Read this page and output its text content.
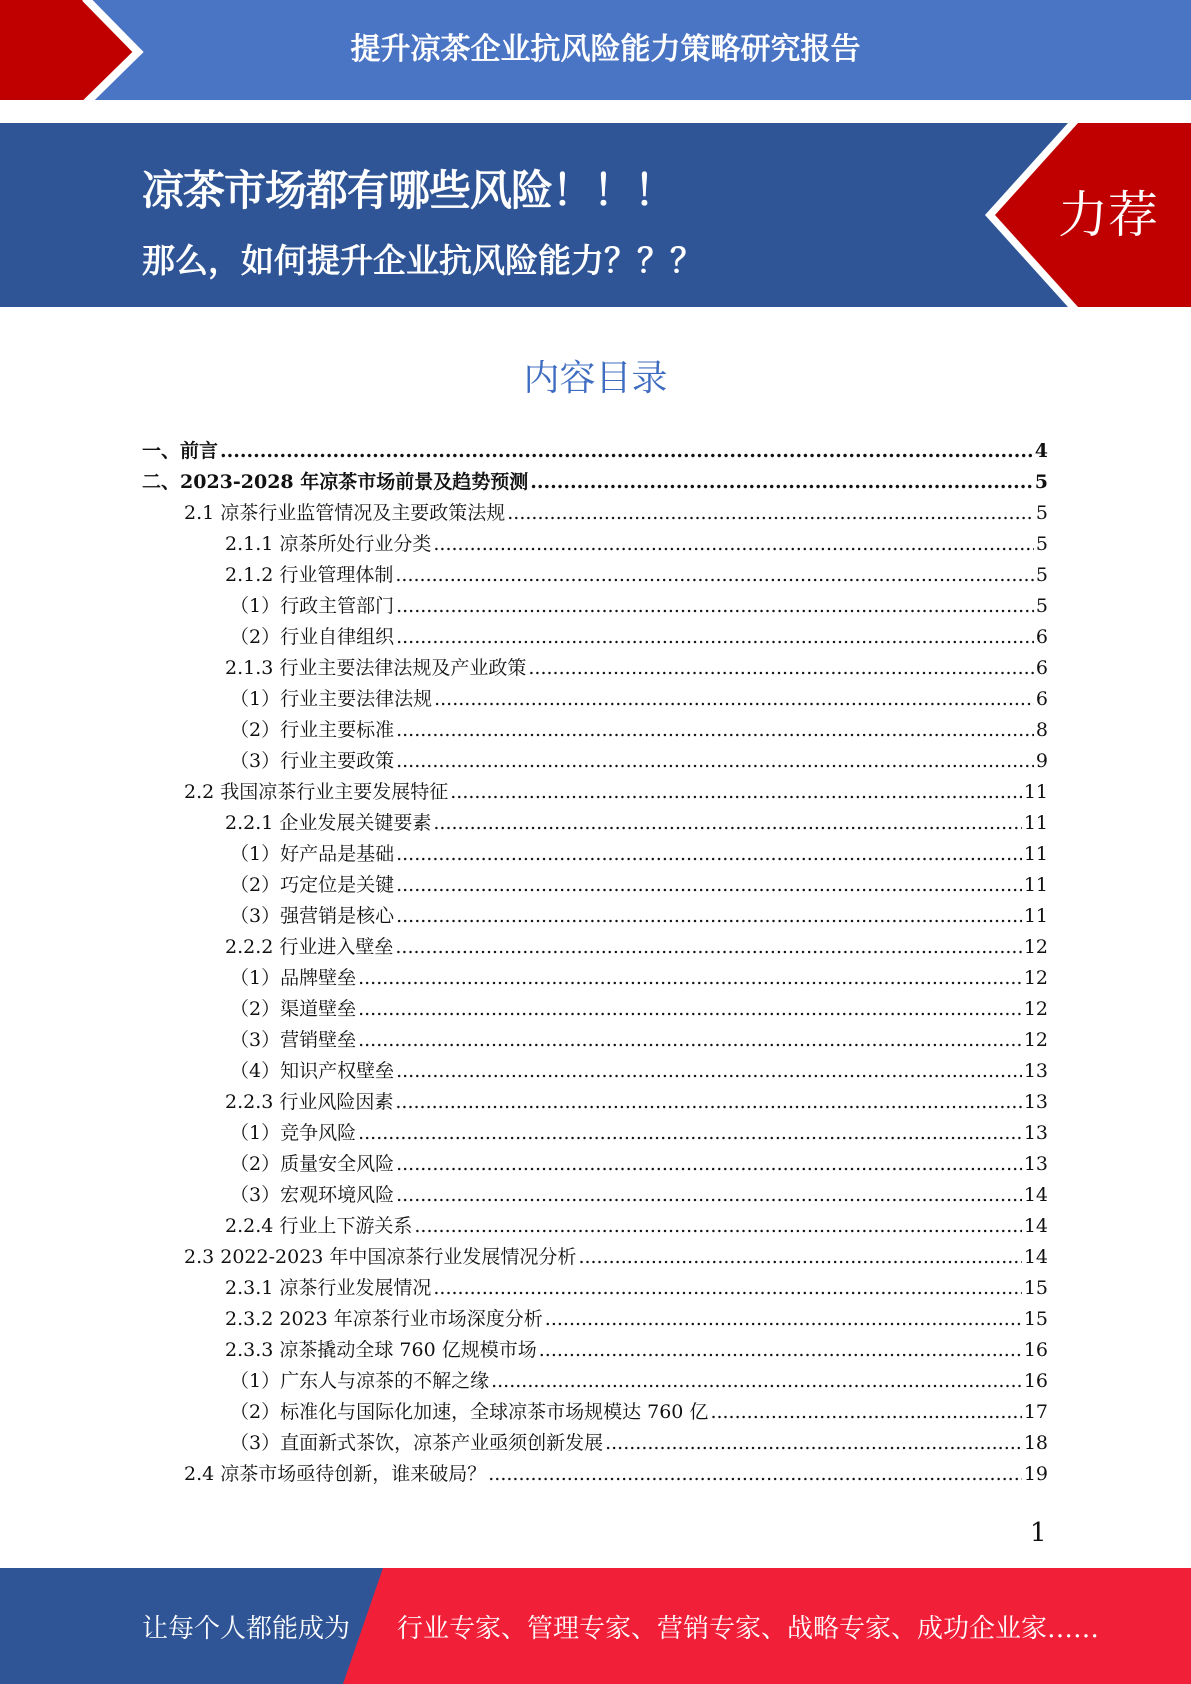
提升凉茶企业抗风险能力策略研究报告
凉茶市场都有哪些风险！！！
那么，如何提升企业抗风险能力？？？
力荐
内容目录
一、前言 .....	4
二、2023-2028 年凉茶市场前景及趋势预测 .....	5
2.1 凉茶行业监管情况及主要政策法规 .....	5
2.1.1 凉茶所处行业分类 .....	5
2.1.2 行业管理体制 .....	5
（1）行政主管部门 .....	5
（2）行业自律组织 .....	6
2.1.3 行业主要法律法规及产业政策 .....	6
（1）行业主要法律法规 .....	6
（2）行业主要标准 .....	8
（3）行业主要政策 .....	9
2.2 我国凉茶行业主要发展特征 .....	11
2.2.1 企业发展关键要素 .....	11
（1）好产品是基础 .....	11
（2）巧定位是关键 .....	11
（3）强营销是核心 .....	11
2.2.2 行业进入壁垒 .....	12
（1）品牌壁垒 .....	12
（2）渠道壁垒 .....	12
（3）营销壁垒 .....	12
（4）知识产权壁垒 .....	13
2.2.3 行业风险因素 .....	13
（1）竞争风险 .....	13
（2）质量安全风险 .....	13
（3）宏观环境风险 .....	14
2.2.4 行业上下游关系 .....	14
2.3 2022-2023 年中国凉茶行业发展情况分析 .....	14
2.3.1 凉茶行业发展情况 .....	15
2.3.2 2023 年凉茶行业市场深度分析 .....	15
2.3.3 凉茶撬动全球 760 亿规模市场 .....	16
（1）广东人与凉茶的不解之缘 .....	16
（2）标准化与国际化加速，全球凉茶市场规模达 760 亿 .....	17
（3）直面新式茶饮，凉茶产业亟须创新发展 .....	18
2.4 凉茶市场亟待创新，谁来破局？ .....	19
1
让每个人都能成为 行业专家、管理专家、营销专家、战略专家、成功企业家……
